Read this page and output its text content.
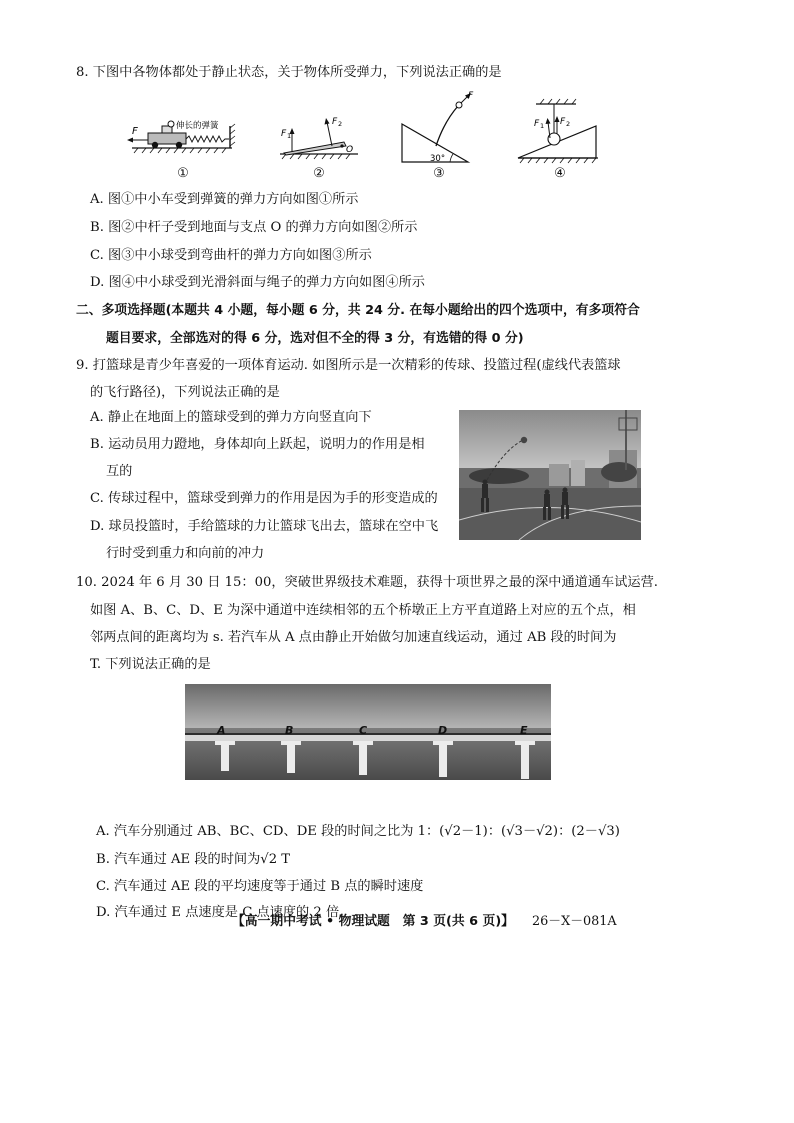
8. 下图中各物体都处于静止状态，关于物体所受弹力，下列说法正确的是
F	伸长的弹簧
①
F 1
F 2
O
②
F
30°
③
F 1 F 2
④
A. 图①中小车受到弹簧的弹力方向如图①所示
B. 图②中杆子受到地面与支点 O 的弹力方向如图②所示
C. 图③中小球受到弯曲杆的弹力方向如图③所示
D. 图④中小球受到光滑斜面与绳子的弹力方向如图④所示
二、多项选择题(本题共 4 小题，每小题 6 分，共 24 分. 在每小题给出的四个选项中，有多项符合
题目要求，全部选对的得 6 分，选对但不全的得 3 分，有选错的得 0 分)
9. 打篮球是青少年喜爱的一项体育运动. 如图所示是一次精彩的传球、投篮过程(虚线代表篮球
的飞行路径)，下列说法正确的是
A. 静止在地面上的篮球受到的弹力方向竖直向下
B. 运动员用力蹬地，身体却向上跃起，说明力的作用是相
互的
C. 传球过程中，篮球受到弹力的作用是因为手的形变造成的
D. 球员投篮时，手给篮球的力让篮球飞出去，篮球在空中飞
行时受到重力和向前的冲力
10. 2024 年 6 月 30 日 15：00，突破世界级技术难题，获得十项世界之最的深中通道通车试运营.
如图 A、B、C、D、E 为深中通道中连续相邻的五个桥墩正上方平直道路上对应的五个点，相
邻两点间的距离均为 s. 若汽车从 A 点由静止开始做匀加速直线运动，通过 AB 段的时间为
T. 下列说法正确的是
A	B	C	D	E
A. 汽车分别通过 AB、BC、CD、DE 段的时间之比为 1：(√2－1)：(√3－√2)：(2－√3)
B. 汽车通过 AE 段的时间为√2 T
C. 汽车通过 AE 段的平均速度等于通过 B 点的瞬时速度
D. 汽车通过 E 点速度是 C 点速度的 2 倍
【高一期中考试 • 物理试题　第 3 页(共 6 页)】 26－X－081A
